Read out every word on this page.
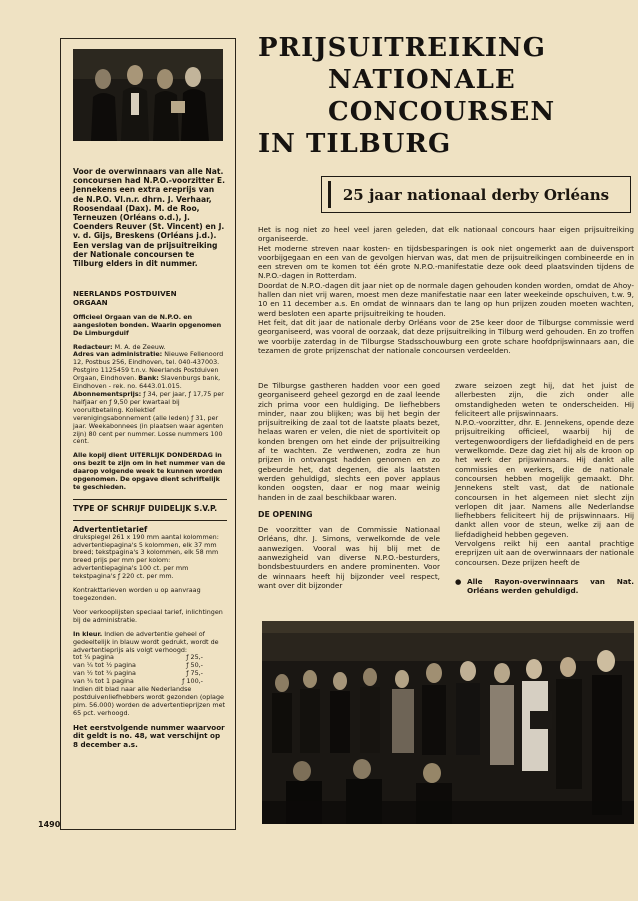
Voor de overwinnaars van alle Nat. concoursen had N.P.O.-voorzitter E. Jennekens een extra ereprijs van de N.P.O. Vl.n.r. dhrn. J. Verhaar, Roosendaal (Dax). M. de Roo, Terneuzen (Orléans o.d.), J. Coenders Reuver (St. Vincent) en J. v. d. Gijs, Breskens (Orléans j.d.). Een verslag van de prijsuitreiking der Nationale concoursen te Tilburg elders in dit nummer.
NEERLANDS POSTDUIVEN
ORGAAN
Officieel Orgaan van de N.P.O. en aangesloten bonden. Waarin opgenomen De Limburgduif
Redacteur: M. A. de Zeeuw.
Adres van administratie: Nieuwe Fellenoord 12, Postbus 256, Eindhoven, tel. 040-437003. Postgiro 1125459 t.n.v. Neerlands Postduiven Orgaan, Eindhoven. Bank: Slavenburgs bank, Eindhoven - rek. no. 6443.01.015.
Abonnementsprijs: ƒ 34, per jaar, ƒ 17,75 per halfjaar en ƒ 9,50 per kwartaal bij vooruitbetaling. Kollektief verenigingsabonnement (alle leden) ƒ 31, per jaar. Weekabonnees (in plaatsen waar agenten zijn) 80 cent per nummer. Losse nummers 100 cent.
Alle kopij dient UITERLIJK DONDERDAG in ons bezit te zijn om in het nummer van de daarop volgende week te kunnen worden opgenomen. De opgave dient schriftelijk te geschieden.
TYPE OF SCHRIJF DUIDELIJK S.V.P.
Advertentietarief
drukspiegel 261 x 190 mm aantal kolommen: advertentiepagina's 5 kolommen, elk 37 mm breed; tekstpagina's 3 kolommen, elk 58 mm breed prijs per mm per kolom: advertentiepagina's 100 ct. per mm tekstpagina's ƒ 220 ct. per mm.
Kontrakttarieven worden u op aanvraag toegezonden.
Voor verkooplijsten speciaal tarief, inlichtingen bij de administratie.
In kleur. Indien de advertentie geheel of gedeeltelijk in blauw wordt gedrukt, wordt de advertentieprijs als volgt verhoogd:
tot ¼ pagina	ƒ 25,-
van ¼ tot ½ pagina	ƒ 50,-
van ½ tot ¾ pagina	ƒ 75,-
van ¾ tot 1 pagina	ƒ 100,-
Indien dit blad naar alle Nederlandse postduivenliefhebbers wordt gezonden (oplage plm. 56.000) worden de advertentieprijzen met 65 pct. verhoogd.
Het eerstvolgende nummer waarvoor dit geldt is no. 48, wat verschijnt op 8 december a.s.
1490
PRIJSUITREIKING
NATIONALE
CONCOURSEN
IN TILBURG
25 jaar nationaal derby Orléans
Het is nog niet zo heel veel jaren geleden, dat elk nationaal concours haar eigen prijsuitreiking organiseerde.
Het moderne streven naar kosten- en tijdsbesparingen is ook niet ongemerkt aan de duivensport voorbijgegaan en een van de gevolgen hiervan was, dat men de prijsuitreikingen combineerde en in een streven om te komen tot één grote N.P.O.-manifestatie deze ook deed plaatsvinden tijdens de N.P.O.-dagen in Rotterdam.
Doordat de N.P.O.-dagen dit jaar niet op de normale dagen gehouden konden worden, omdat de Ahoy-hallen dan niet vrij waren, moest men deze manifestatie naar een later weekeinde opschuiven, t.w. 9, 10 en 11 december a.s. En omdat de winnaars dan te lang op hun prijzen zouden moeten wachten, werd besloten een aparte prijsuitreiking te houden.
Het feit, dat dit jaar de nationale derby Orléans voor de 25e keer door de Tilburgse commissie werd georganiseerd, was vooral de oorzaak, dat deze prijsuitreiking in Tilburg werd gehouden. En zo troffen we voorbije zaterdag in de Tilburgse Stadsschouwburg een grote schare hoofdprijswinnaars aan, die tezamen de grote prijzenschat der nationale concoursen verdeelden.
De Tilburgse gastheren hadden voor een goed georganiseerd geheel gezorgd en de zaal leende zich prima voor een huldiging. De liefhebbers minder, naar zou blijken; was bij het begin der prijsuitreiking de zaal tot de laatste plaats bezet, helaas waren er velen, die niet de sportiviteit op konden brengen om het einde der prijsuitreiking af te wachten. Ze verdwenen, zodra ze hun prijzen in ontvangst hadden genomen en zo gebeurde het, dat degenen, die als laatsten werden gehuldigd, slechts een pover applaus konden oogsten, daar er nog maar weinig handen in de zaal beschikbaar waren.
DE OPENING
De voorzitter van de Commissie Nationaal Orléans, dhr. J. Simons, verwelkomde de vele aanwezigen. Vooral was hij blij met de aanwezigheid van diverse N.P.O.-besturders, bondsbestuurders en andere prominenten. Voor de winnaars heeft hij bijzonder veel respect, want over dit bijzonder
zware seizoen zegt hij, dat het juist de allerbesten zijn, die zich onder alle omstandigheden weten te onderscheiden. Hij feliciteert alle prijswinnaars.
N.P.O.-voorzitter, dhr. E. Jennekens, opende deze prijsuitreiking officieel, waarbij hij de vertegenwoordigers der liefdadigheid en de pers verwelkomde. Deze dag ziet hij als de kroon op het werk der prijswinnaars. Hij dankt alle commissies en werkers, die de nationale concoursen hebben mogelijk gemaakt. Dhr. Jennekens stelt vast, dat de nationale concoursen in het algemeen niet slecht zijn verlopen dit jaar. Namens alle Nederlandse liefhebbers feliciteert hij de prijswinnaars. Hij dankt allen voor de steun, welke zij aan de liefdadigheid hebben gegeven.
Vervolgens reikt hij een aantal prachtige ereprijzen uit aan de overwinnaars der nationale concoursen. Deze prijzen heeft de
● Alle Rayon-overwinnaars van Nat. Orléans werden gehuldigd.
